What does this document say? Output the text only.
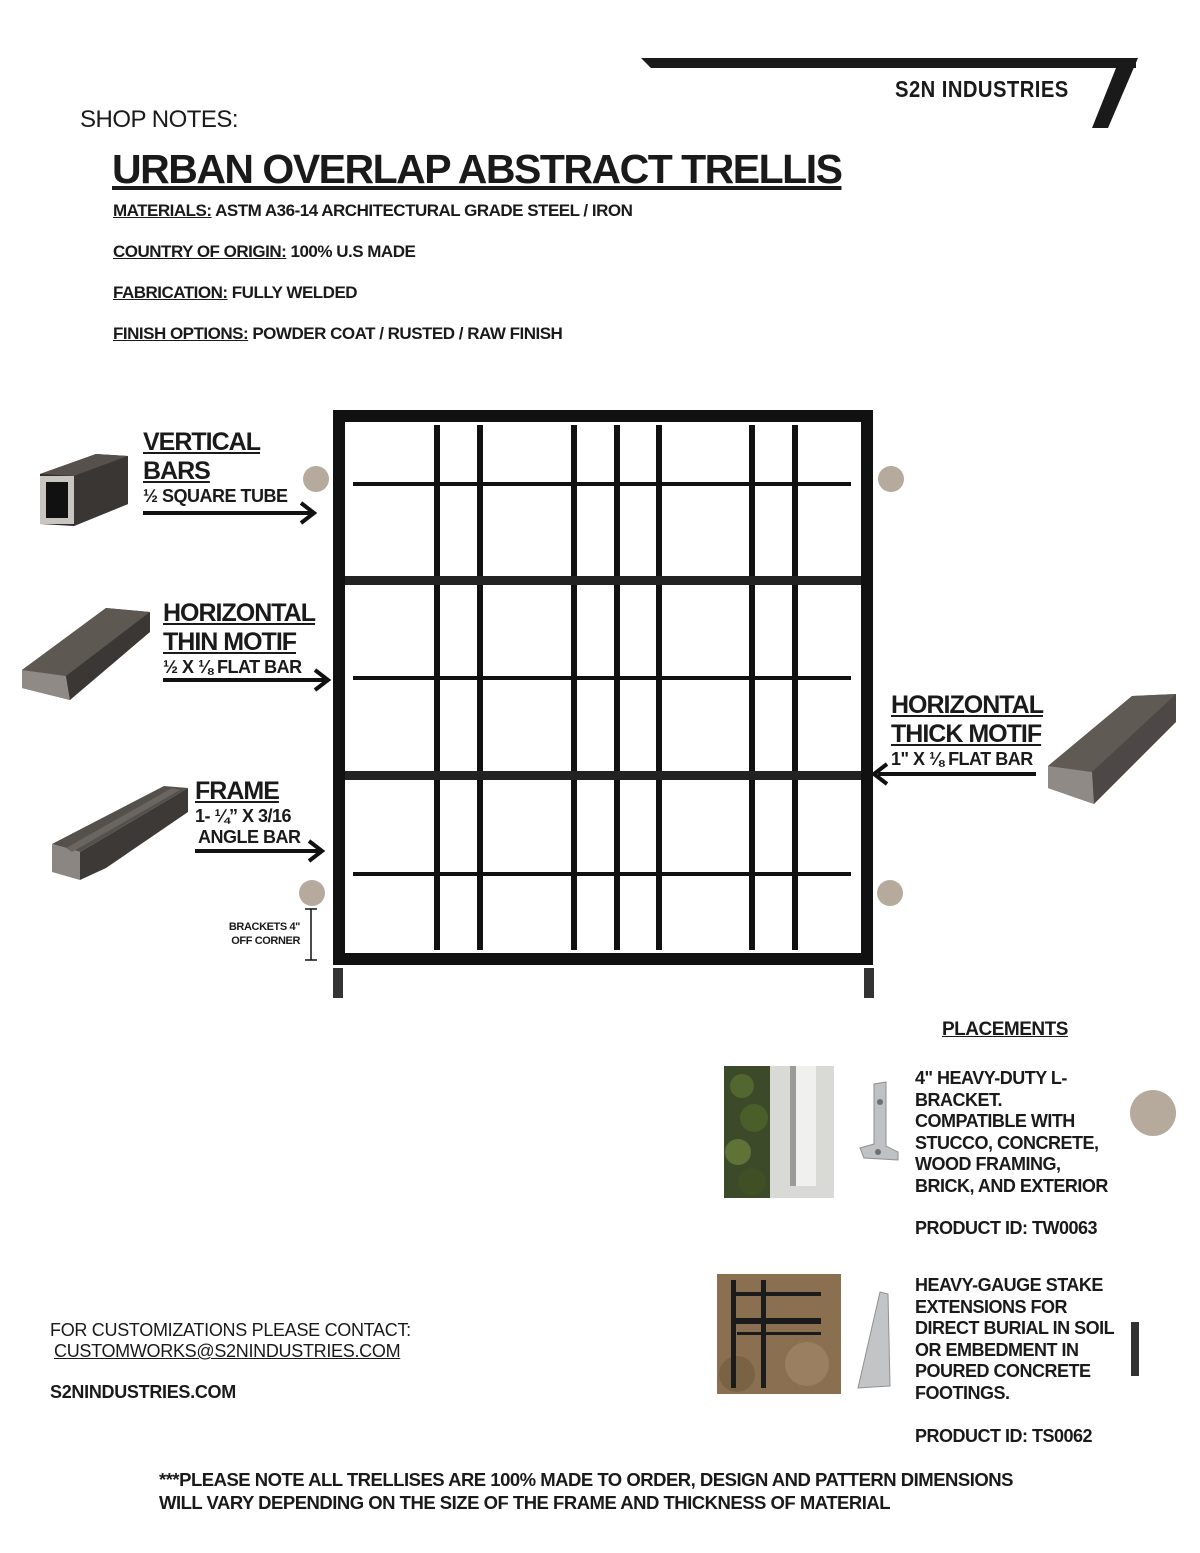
S2N INDUSTRIES
SHOP NOTES:
URBAN OVERLAP ABSTRACT TRELLIS
MATERIALS: ASTM A36-14 ARCHITECTURAL GRADE STEEL / IRON
COUNTRY OF ORIGIN: 100% U.S MADE
FABRICATION: FULLY WELDED
FINISH OPTIONS: POWDER COAT / RUSTED / RAW FINISH
BRACKETS 4"
OFF CORNER
VERTICAL
BARS
½ SQUARE TUBE
HORIZONTAL
THIN MOTIF
½ X ⅛ FLAT BAR
FRAME
1- ¼” X 3/16
ANGLE BAR
HORIZONTAL
THICK MOTIF
1" X ⅛ FLAT BAR
PLACEMENTS
4" HEAVY-DUTY L-
BRACKET.
COMPATIBLE WITH
STUCCO, CONCRETE,
WOOD FRAMING,
BRICK, AND EXTERIOR
PRODUCT ID: TW0063
HEAVY-GAUGE STAKE
EXTENSIONS FOR
DIRECT BURIAL IN SOIL
OR EMBEDMENT IN
POURED CONCRETE
FOOTINGS.
PRODUCT ID: TS0062
FOR CUSTOMIZATIONS PLEASE CONTACT:
CUSTOMWORKS@S2NINDUSTRIES.COM
S2NINDUSTRIES.COM
***PLEASE NOTE ALL TRELLISES ARE 100% MADE TO ORDER, DESIGN AND PATTERN DIMENSIONS
WILL VARY DEPENDING ON THE SIZE OF THE FRAME AND THICKNESS OF MATERIAL
